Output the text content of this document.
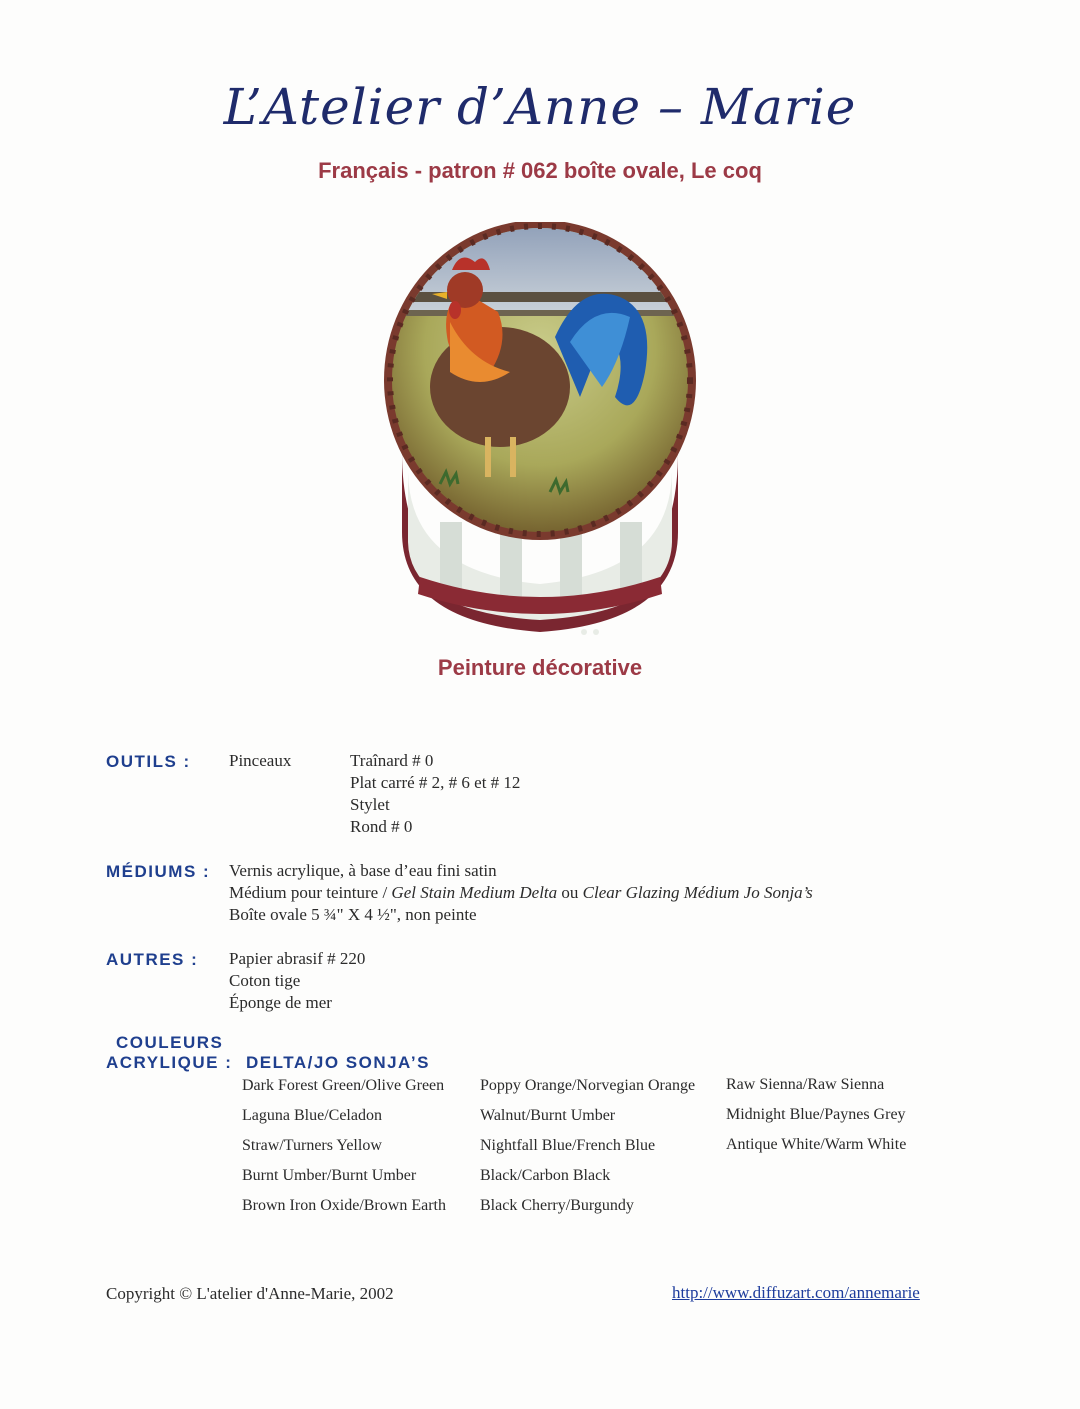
L’Atelier d’Anne – Marie
Français - patron # 062 boîte ovale, Le coq
Peinture décorative
OUTILS : Pinceaux	Traînard # 0
Plat carré # 2, # 6 et # 12
Stylet
Rond # 0
MÉDIUMS : Vernis acrylique, à base d’eau fini satin
Médium pour teinture / Gel Stain Medium Delta ou Clear Glazing Médium Jo Sonja’s
Boîte ovale 5 ¾" X 4 ½", non peinte
AUTRES : Papier abrasif # 220
Coton tige
Éponge de mer
COULEURS
ACRYLIQUE : DELTA/JO SONJA’S
Dark Forest Green/Olive Green
Laguna Blue/Celadon
Straw/Turners Yellow
Burnt Umber/Burnt Umber
Brown Iron Oxide/Brown Earth
Poppy Orange/Norvegian Orange
Walnut/Burnt Umber
Nightfall Blue/French Blue
Black/Carbon Black
Black Cherry/Burgundy
Raw Sienna/Raw Sienna
Midnight Blue/Paynes Grey
Antique White/Warm White
Copyright © L'atelier d'Anne-Marie, 2002	http://www.diffuzart.com/annemarie
